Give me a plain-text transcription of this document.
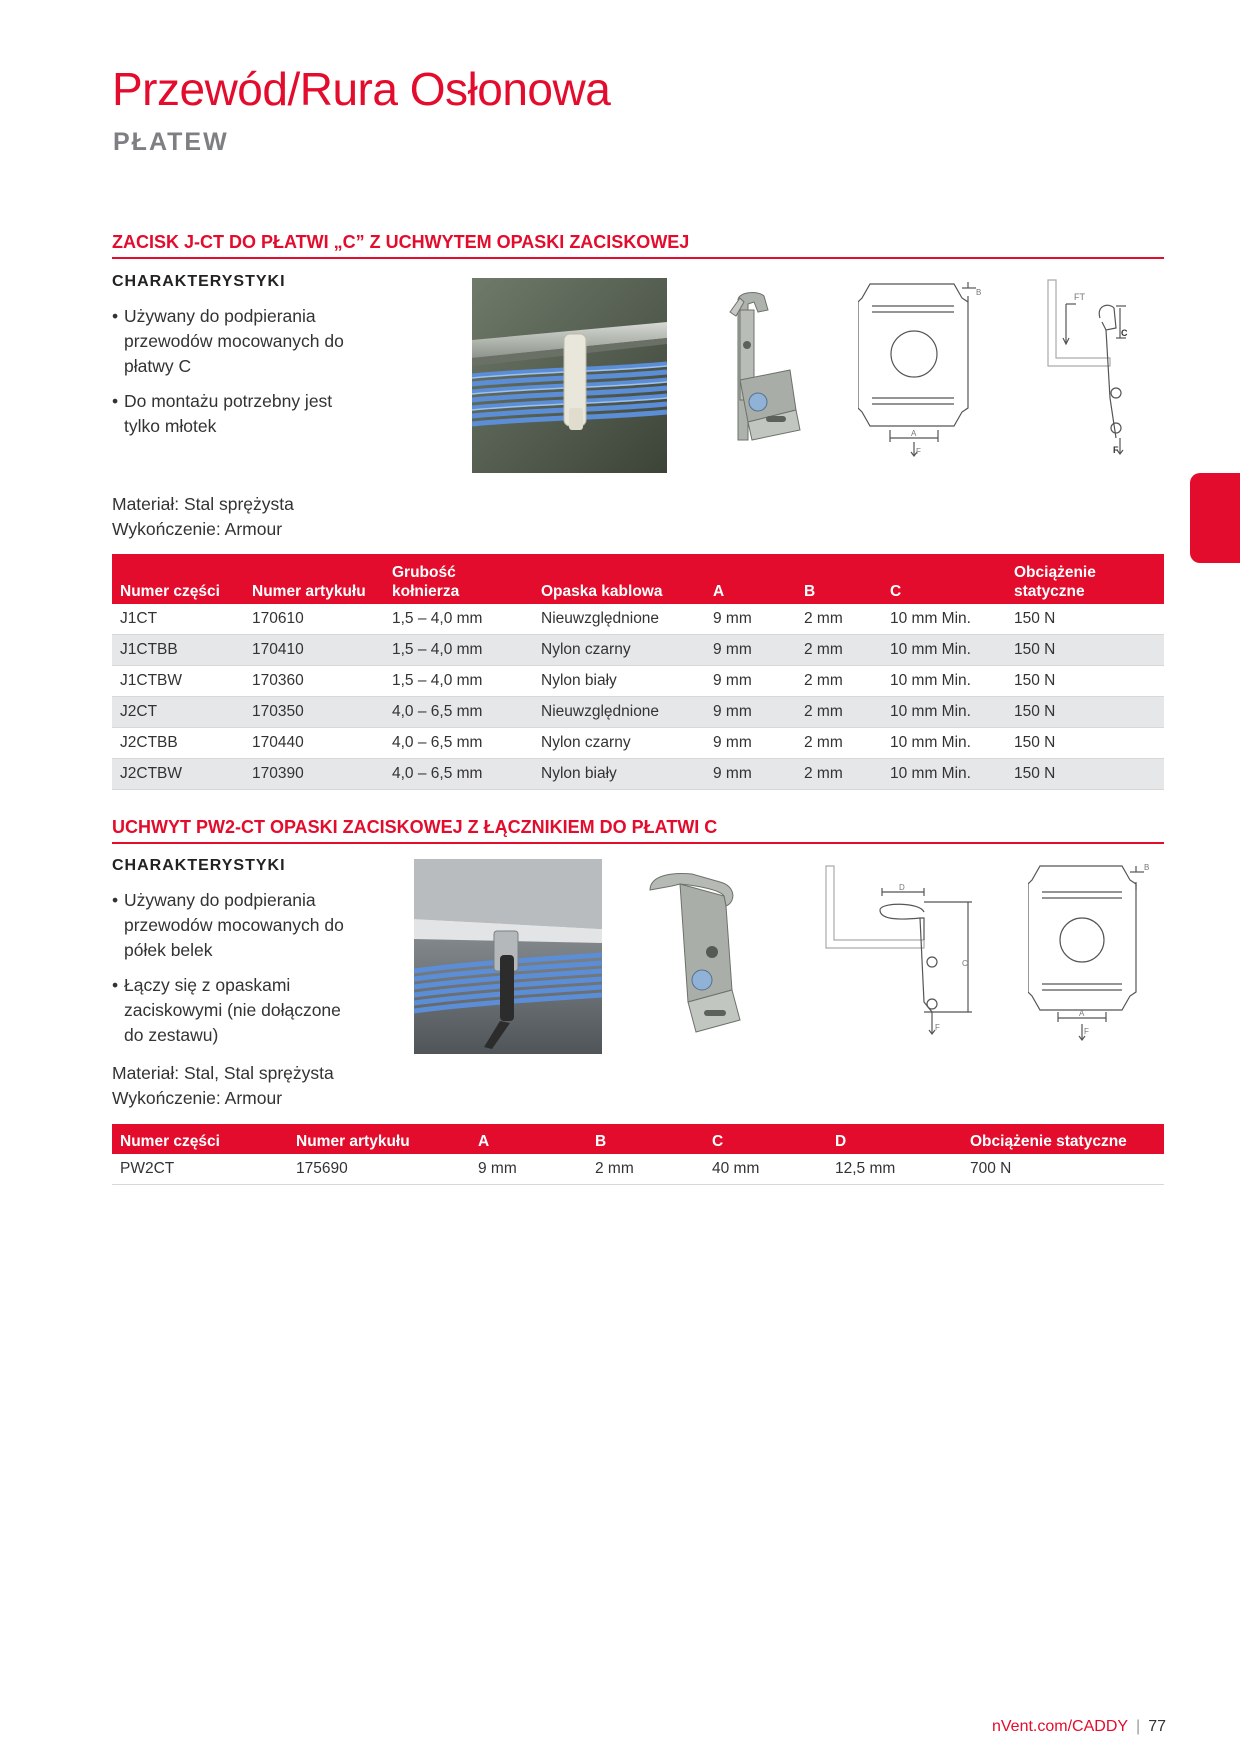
Przewód/Rura Osłonowa
PŁATEW
ZACISK J-CT DO PŁATWI „C” Z UCHWYTEM OPASKI ZACISKOWEJ
CHARAKTERYSTYKI
• Używany do podpierania przewodów mocowanych do płatwy C
• Do montażu potrzebny jest tylko młotek
Materiał: Stal sprężysta
Wykończenie: Armour
B
A
F
FT
C
F
Numer części	Numer artykułu	Grubość kołnierza	Opaska kablowa	A	B	C	Obciążenie statyczne
J1CT	170610	1,5 – 4,0 mm	Nieuwzględnione	9 mm	2 mm	10 mm Min.	150 N
J1CTBB	170410	1,5 – 4,0 mm	Nylon czarny	9 mm	2 mm	10 mm Min.	150 N
J1CTBW	170360	1,5 – 4,0 mm	Nylon biały	9 mm	2 mm	10 mm Min.	150 N
J2CT	170350	4,0 – 6,5 mm	Nieuwzględnione	9 mm	2 mm	10 mm Min.	150 N
J2CTBB	170440	4,0 – 6,5 mm	Nylon czarny	9 mm	2 mm	10 mm Min.	150 N
J2CTBW	170390	4,0 – 6,5 mm	Nylon biały	9 mm	2 mm	10 mm Min.	150 N
UCHWYT PW2-CT OPASKI ZACISKOWEJ Z ŁĄCZNIKIEM DO PŁATWI C
CHARAKTERYSTYKI
• Używany do podpierania przewodów mocowanych do półek belek
• Łączy się z opaskami zaciskowymi (nie dołączone do zestawu)
Materiał: Stal, Stal sprężysta
Wykończenie: Armour
D
C
F
B
A
F
Numer części	Numer artykułu	A	B	C	D	Obciążenie statyczne
PW2CT	175690	9 mm	2 mm	40 mm	12,5 mm	700 N
nVent.com/CADDY | 77
